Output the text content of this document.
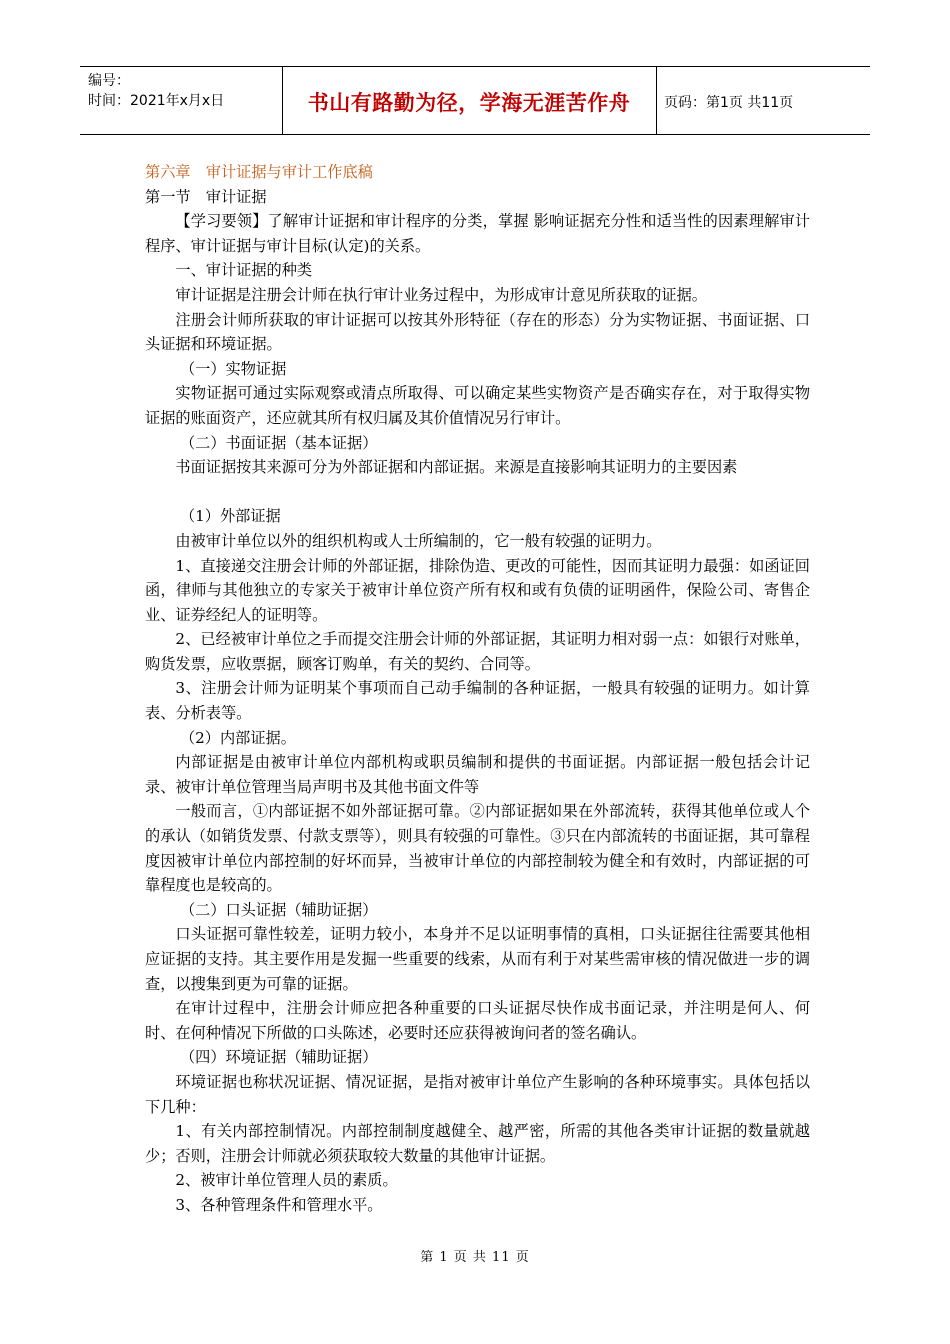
编号：
时间：2021年x月x日	书山有路勤为径，学海无涯苦作舟	页码：第1页 共11页

第六章　审计证据与审计工作底稿

第一节　审计证据

【学习要领】了解审计证据和审计程序的分类，掌握 影响证据充分性和适当性的因素理解审计程序、审计证据与审计目标(认定)的关系。

一、审计证据的种类

审计证据是注册会计师在执行审计业务过程中，为形成审计意见所获取的证据。

注册会计师所获取的审计证据可以按其外形特征（存在的形态）分为实物证据、书面证据、口头证据和环境证据。

（一）实物证据

实物证据可通过实际观察或清点所取得、可以确定某些实物资产是否确实存在，对于取得实物证据的账面资产，还应就其所有权归属及其价值情况另行审计。

（二）书面证据（基本证据）

书面证据按其来源可分为外部证据和内部证据。来源是直接影响其证明力的主要因素

（1）外部证据

由被审计单位以外的组织机构或人士所编制的，它一般有较强的证明力。

1、直接递交注册会计师的外部证据，排除伪造、更改的可能性，因而其证明力最强：如函证回函，律师与其他独立的专家关于被审计单位资产所有权和或有负债的证明函件，保险公司、寄售企业、证券经纪人的证明等。

2、已经被审计单位之手而提交注册会计师的外部证据，其证明力相对弱一点：如银行对账单，购货发票，应收票据，顾客订购单，有关的契约、合同等。

3、注册会计师为证明某个事项而自己动手编制的各种证据，一般具有较强的证明力。如计算表、分析表等。

（2）内部证据。

内部证据是由被审计单位内部机构或职员编制和提供的书面证据。内部证据一般包括会计记录、被审计单位管理当局声明书及其他书面文件等

一般而言，①内部证据不如外部证据可靠。②内部证据如果在外部流转，获得其他单位或人个的承认（如销货发票、付款支票等），则具有较强的可靠性。③只在内部流转的书面证据，其可靠程度因被审计单位内部控制的好坏而异，当被审计单位的内部控制较为健全和有效时，内部证据的可靠程度也是较高的。

（二）口头证据（辅助证据）

口头证据可靠性较差，证明力较小，本身并不足以证明事情的真相，口头证据往往需要其他相应证据的支持。其主要作用是发掘一些重要的线索，从而有利于对某些需审核的情况做进一步的调查，以搜集到更为可靠的证据。

在审计过程中，注册会计师应把各种重要的口头证据尽快作成书面记录，并注明是何人、何时、在何种情况下所做的口头陈述，必要时还应获得被询问者的签名确认。

（四）环境证据（辅助证据）

环境证据也称状况证据、情况证据，是指对被审计单位产生影响的各种环境事实。具体包括以下几种：

1、有关内部控制情况。内部控制制度越健全、越严密，所需的其他各类审计证据的数量就越少；否则，注册会计师就必须获取较大数量的其他审计证据。

2、被审计单位管理人员的素质。

3、各种管理条件和管理水平。

第 1 页 共 11 页
